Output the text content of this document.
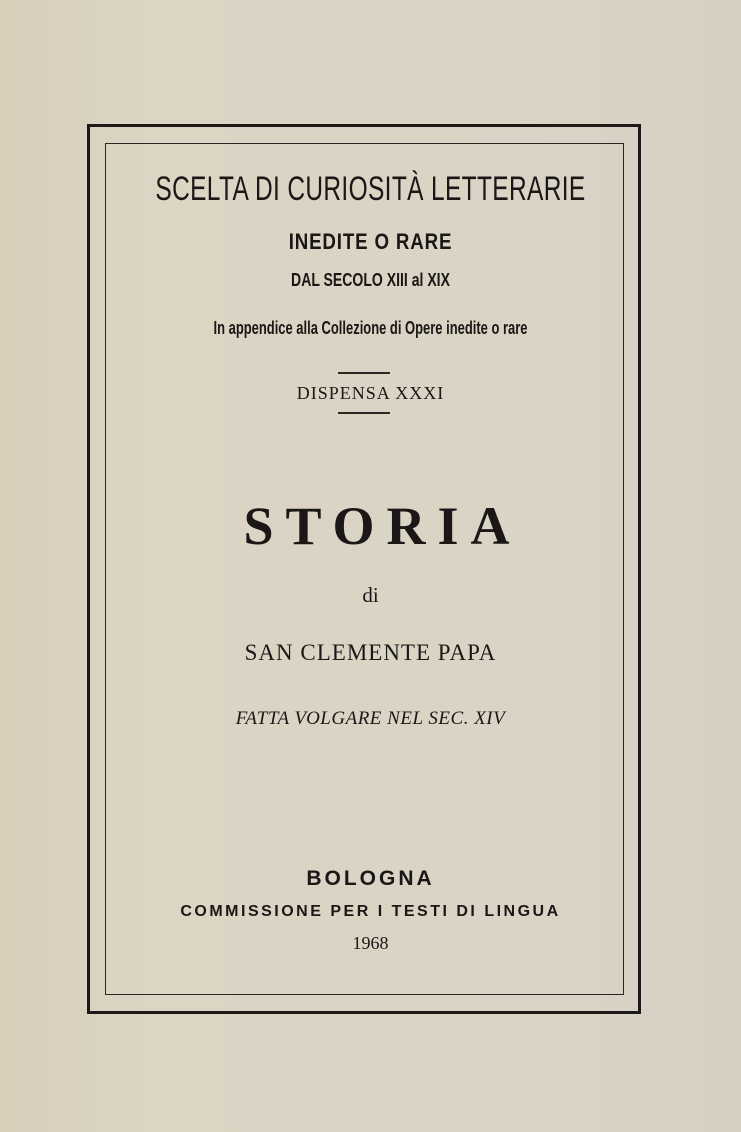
SCELTA DI CURIOSITÀ LETTERARIE
INEDITE O RARE
DAL SECOLO XIII al XIX
In appendice alla Collezione di Opere inedite o rare
DISPENSA XXXI
STORIA
di
SAN CLEMENTE PAPA
FATTA VOLGARE NEL SEC. XIV
BOLOGNA
COMMISSIONE PER I TESTI DI LINGUA
1968
